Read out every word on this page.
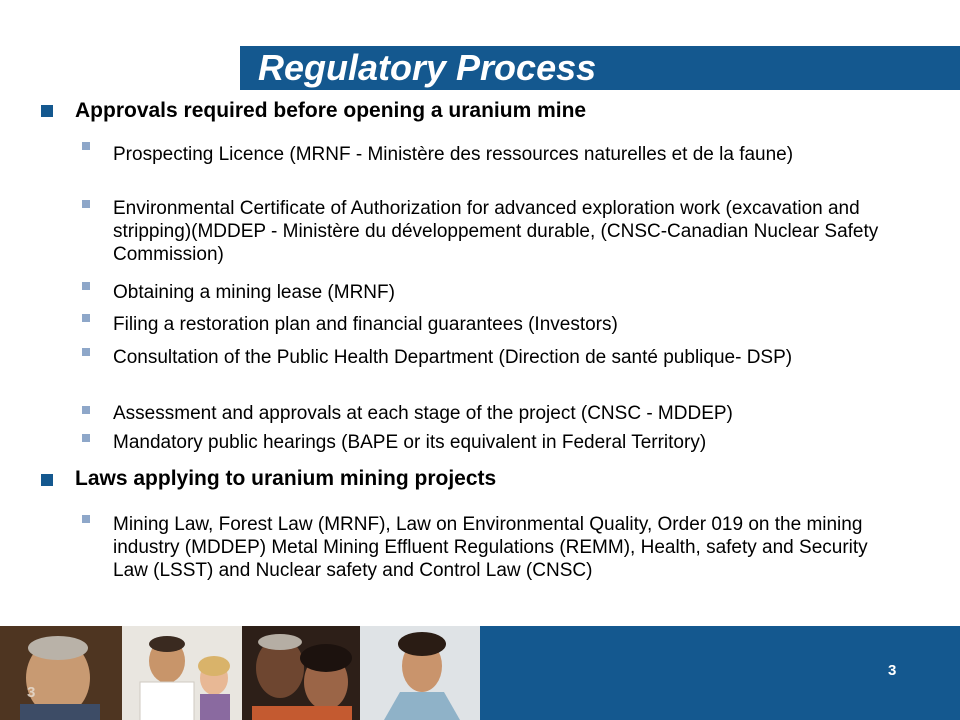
Regulatory Process
Approvals required before opening a uranium mine
Prospecting Licence (MRNF - Ministère des ressources naturelles et de la faune)
Environmental Certificate of Authorization for advanced exploration work (excavation and stripping)(MDDEP - Ministère du développement durable, (CNSC-Canadian Nuclear Safety Commission)
Obtaining a mining lease (MRNF)
Filing a restoration plan and financial guarantees (Investors)
Consultation of the Public Health Department (Direction de santé publique- DSP)
Assessment and approvals at each stage of the project (CNSC - MDDEP)
Mandatory public hearings (BAPE or its equivalent in Federal Territory)
Laws applying to uranium mining projects
Mining Law, Forest Law (MRNF), Law on Environmental Quality, Order 019 on the mining industry (MDDEP) Metal Mining Effluent Regulations (REMM), Health, safety and Security Law (LSST) and Nuclear safety and Control Law (CNSC)
3
3
